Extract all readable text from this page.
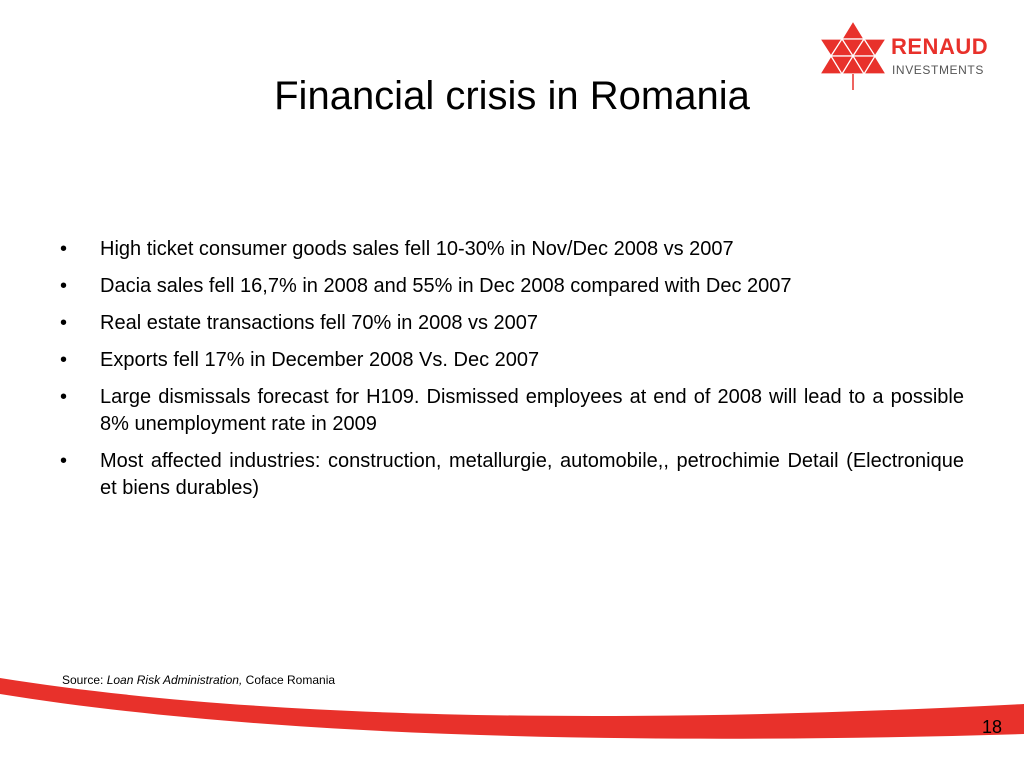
RENAUD
INVESTMENTS
Financial crisis in Romania
• High ticket consumer goods sales fell 10-30% in Nov/Dec 2008 vs 2007
• Dacia sales fell 16,7% in 2008 and 55% in Dec 2008 compared with Dec 2007
• Real estate transactions fell 70% in 2008 vs 2007
• Exports fell 17% in December 2008 Vs. Dec 2007
• Large dismissals forecast for H109. Dismissed employees at end of 2008 will lead to a possible 8% unemployment rate in 2009
• Most affected industries: construction, metallurgie, automobile,, petrochimie Detail (Electronique et biens durables)
Source: Loan Risk Administration, Coface Romania
18
